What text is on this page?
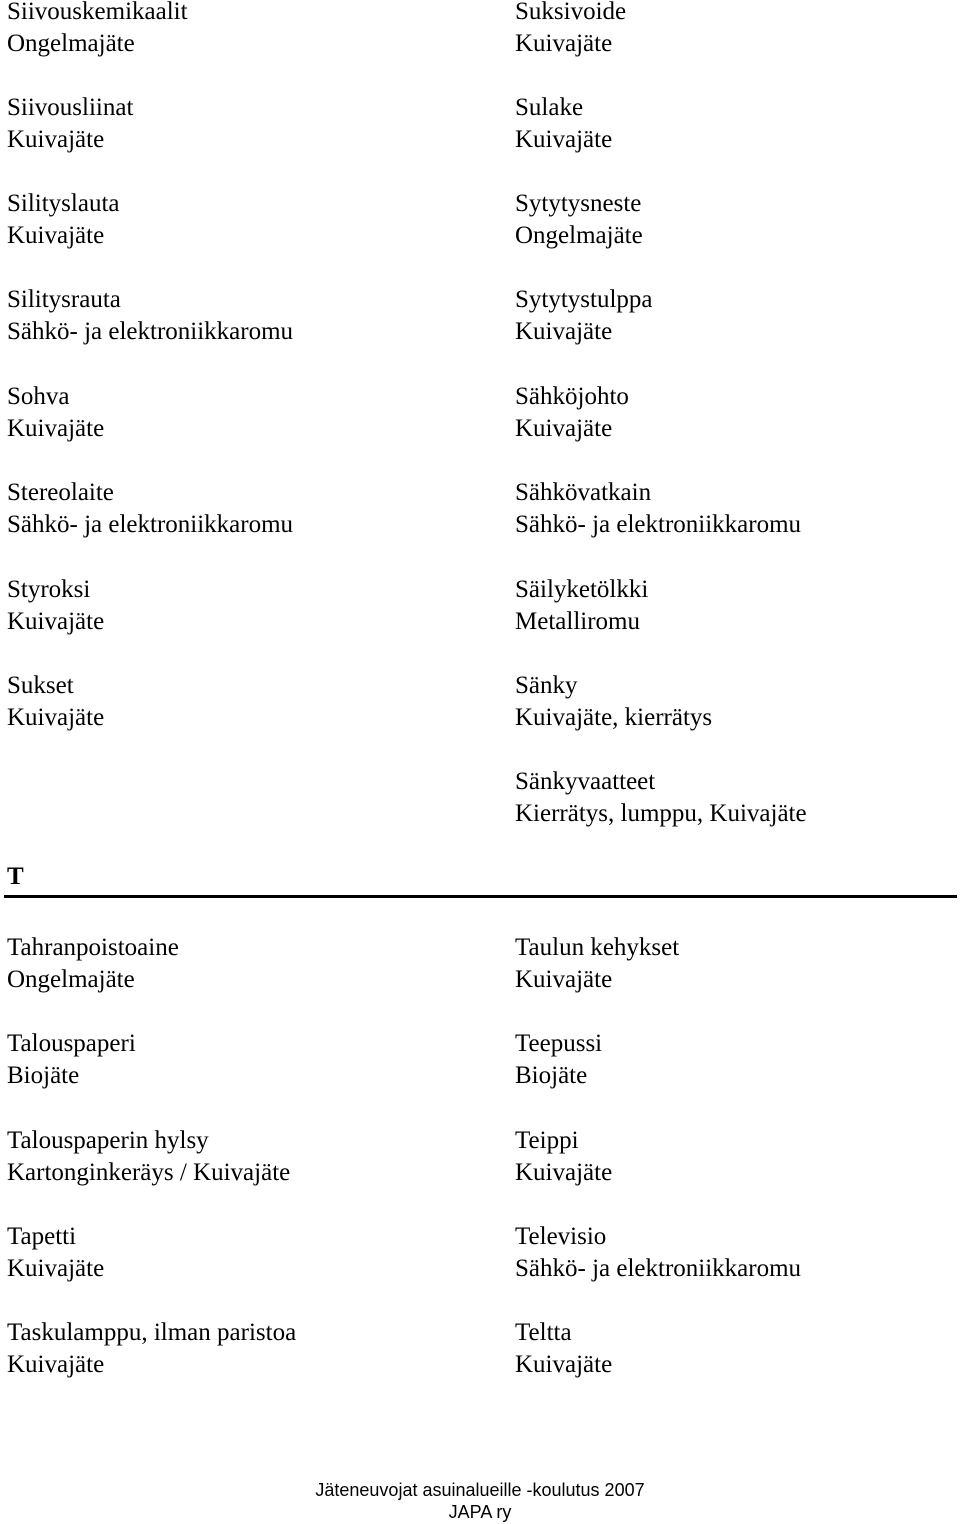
Siivouskemikaalit
Ongelmajäte
Siivousliinat
Kuivajäte
Silityslauta
Kuivajäte
Silitysrauta
Sähkö- ja elektroniikkaromu
Sohva
Kuivajäte
Stereolaite
Sähkö- ja elektroniikkaromu
Styroksi
Kuivajäte
Sukset
Kuivajäte
Suksivoide
Kuivajäte
Sulake
Kuivajäte
Sytytysneste
Ongelmajäte
Sytytystulppa
Kuivajäte
Sähköjohto
Kuivajäte
Sähkövatkain
Sähkö- ja elektroniikkaromu
Säilyketölkki
Metalliromu
Sänky
Kuivajäte, kierrätys
Sänkyvaatteet
Kierrätys, lumppu, Kuivajäte
T
Tahranpoistoaine
Ongelmajäte
Talouspaperi
Biojäte
Talouspaperin hylsy
Kartonginkeräys / Kuivajäte
Tapetti
Kuivajäte
Taskulamppu, ilman paristoa
Kuivajäte
Taulun kehykset
Kuivajäte
Teepussi
Biojäte
Teippi
Kuivajäte
Televisio
Sähkö- ja elektroniikkaromu
Teltta
Kuivajäte
Jäteneuvojat asuinalueille -koulutus 2007
JAPA ry
